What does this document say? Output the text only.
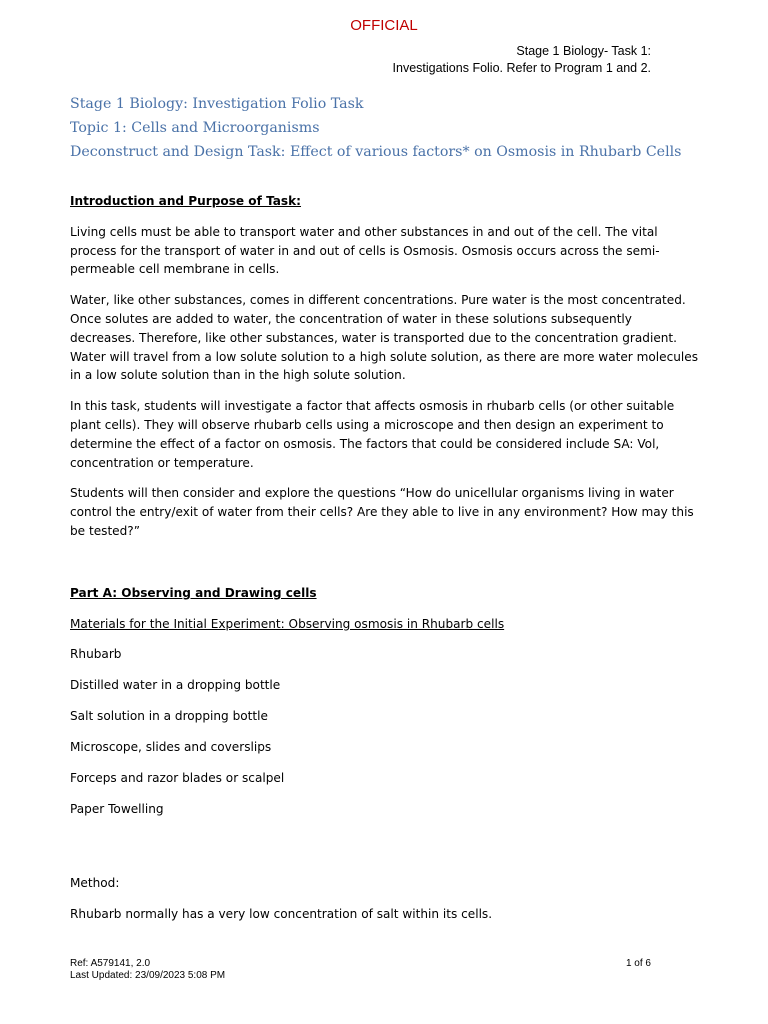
OFFICIAL
Stage 1 Biology- Task 1:
Investigations Folio. Refer to Program 1 and 2.

Stage 1 Biology: Investigation Folio Task

Topic 1: Cells and Microorganisms

Deconstruct and Design Task: Effect of various factors* on Osmosis in Rhubarb Cells

Introduction and Purpose of Task:

Living cells must be able to transport water and other substances in and out of the cell. The vital process for the transport of water in and out of cells is Osmosis. Osmosis occurs across the semi-permeable cell membrane in cells.

Water, like other substances, comes in different concentrations. Pure water is the most concentrated. Once solutes are added to water, the concentration of water in these solutions subsequently decreases. Therefore, like other substances, water is transported due to the concentration gradient. Water will travel from a low solute solution to a high solute solution, as there are more water molecules in a low solute solution than in the high solute solution.

In this task, students will investigate a factor that affects osmosis in rhubarb cells (or other suitable plant cells). They will observe rhubarb cells using a microscope and then design an experiment to determine the effect of a factor on osmosis. The factors that could be considered include SA: Vol, concentration or temperature.

Students will then consider and explore the questions “How do unicellular organisms living in water control the entry/exit of water from their cells? Are they able to live in any environment? How may this be tested?”

Part A: Observing and Drawing cells

Materials for the Initial Experiment: Observing osmosis in Rhubarb cells

Rhubarb

Distilled water in a dropping bottle

Salt solution in a dropping bottle

Microscope, slides and coverslips

Forceps and razor blades or scalpel

Paper Towelling

Method:

Rhubarb normally has a very low concentration of salt within its cells.

Ref: A579141, 2.0
Last Updated: 23/09/2023 5:08 PM
1 of 6
